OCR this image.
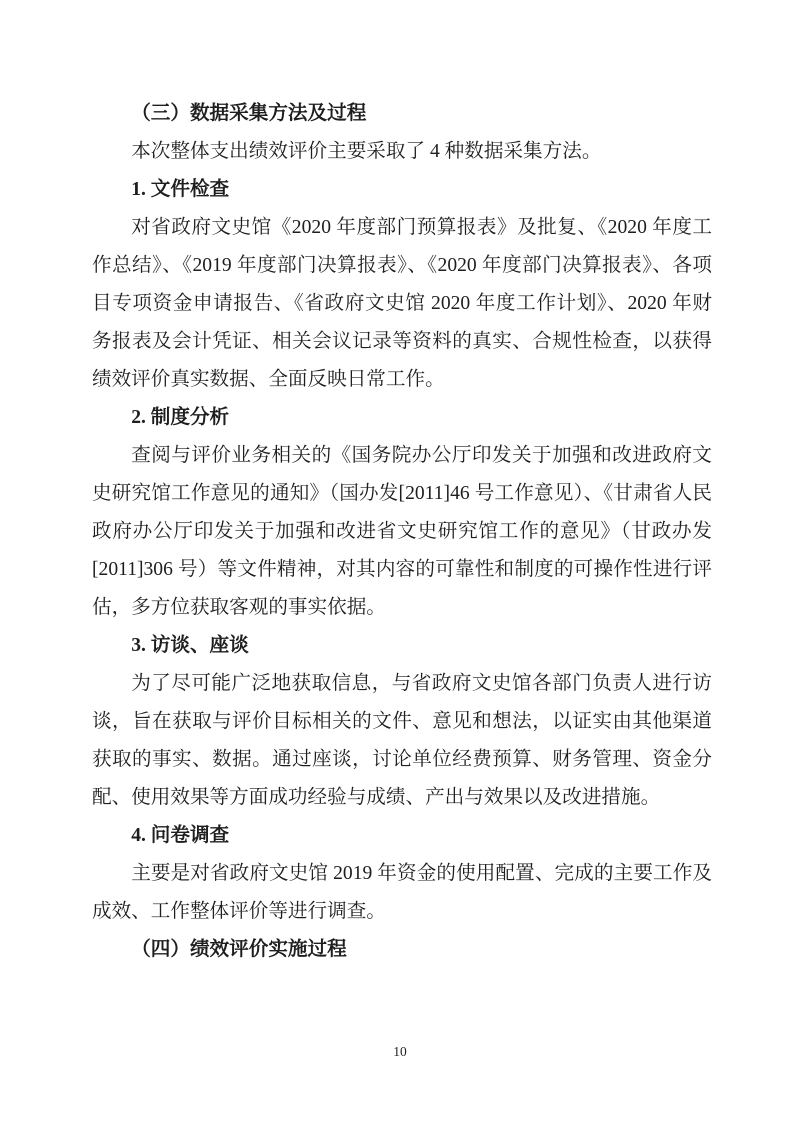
（三）数据采集方法及过程
本次整体支出绩效评价主要采取了 4 种数据采集方法。
1. 文件检查
对省政府文史馆《2020 年度部门预算报表》及批复、《2020 年度工作总结》、《2019 年度部门决算报表》、《2020 年度部门决算报表》、各项目专项资金申请报告、《省政府文史馆 2020 年度工作计划》、2020 年财务报表及会计凭证、相关会议记录等资料的真实、合规性检查，以获得绩效评价真实数据、全面反映日常工作。
2. 制度分析
查阅与评价业务相关的《国务院办公厅印发关于加强和改进政府文史研究馆工作意见的通知》（国办发[2011]46 号工作意见）、《甘肃省人民政府办公厅印发关于加强和改进省文史研究馆工作的意见》（甘政办发[2011]306 号）等文件精神，对其内容的可靠性和制度的可操作性进行评估，多方位获取客观的事实依据。
3. 访谈、座谈
为了尽可能广泛地获取信息，与省政府文史馆各部门负责人进行访谈，旨在获取与评价目标相关的文件、意见和想法，以证实由其他渠道获取的事实、数据。通过座谈，讨论单位经费预算、财务管理、资金分配、使用效果等方面成功经验与成绩、产出与效果以及改进措施。
4. 问卷调查
主要是对省政府文史馆 2019 年资金的使用配置、完成的主要工作及成效、工作整体评价等进行调查。
（四）绩效评价实施过程
10
